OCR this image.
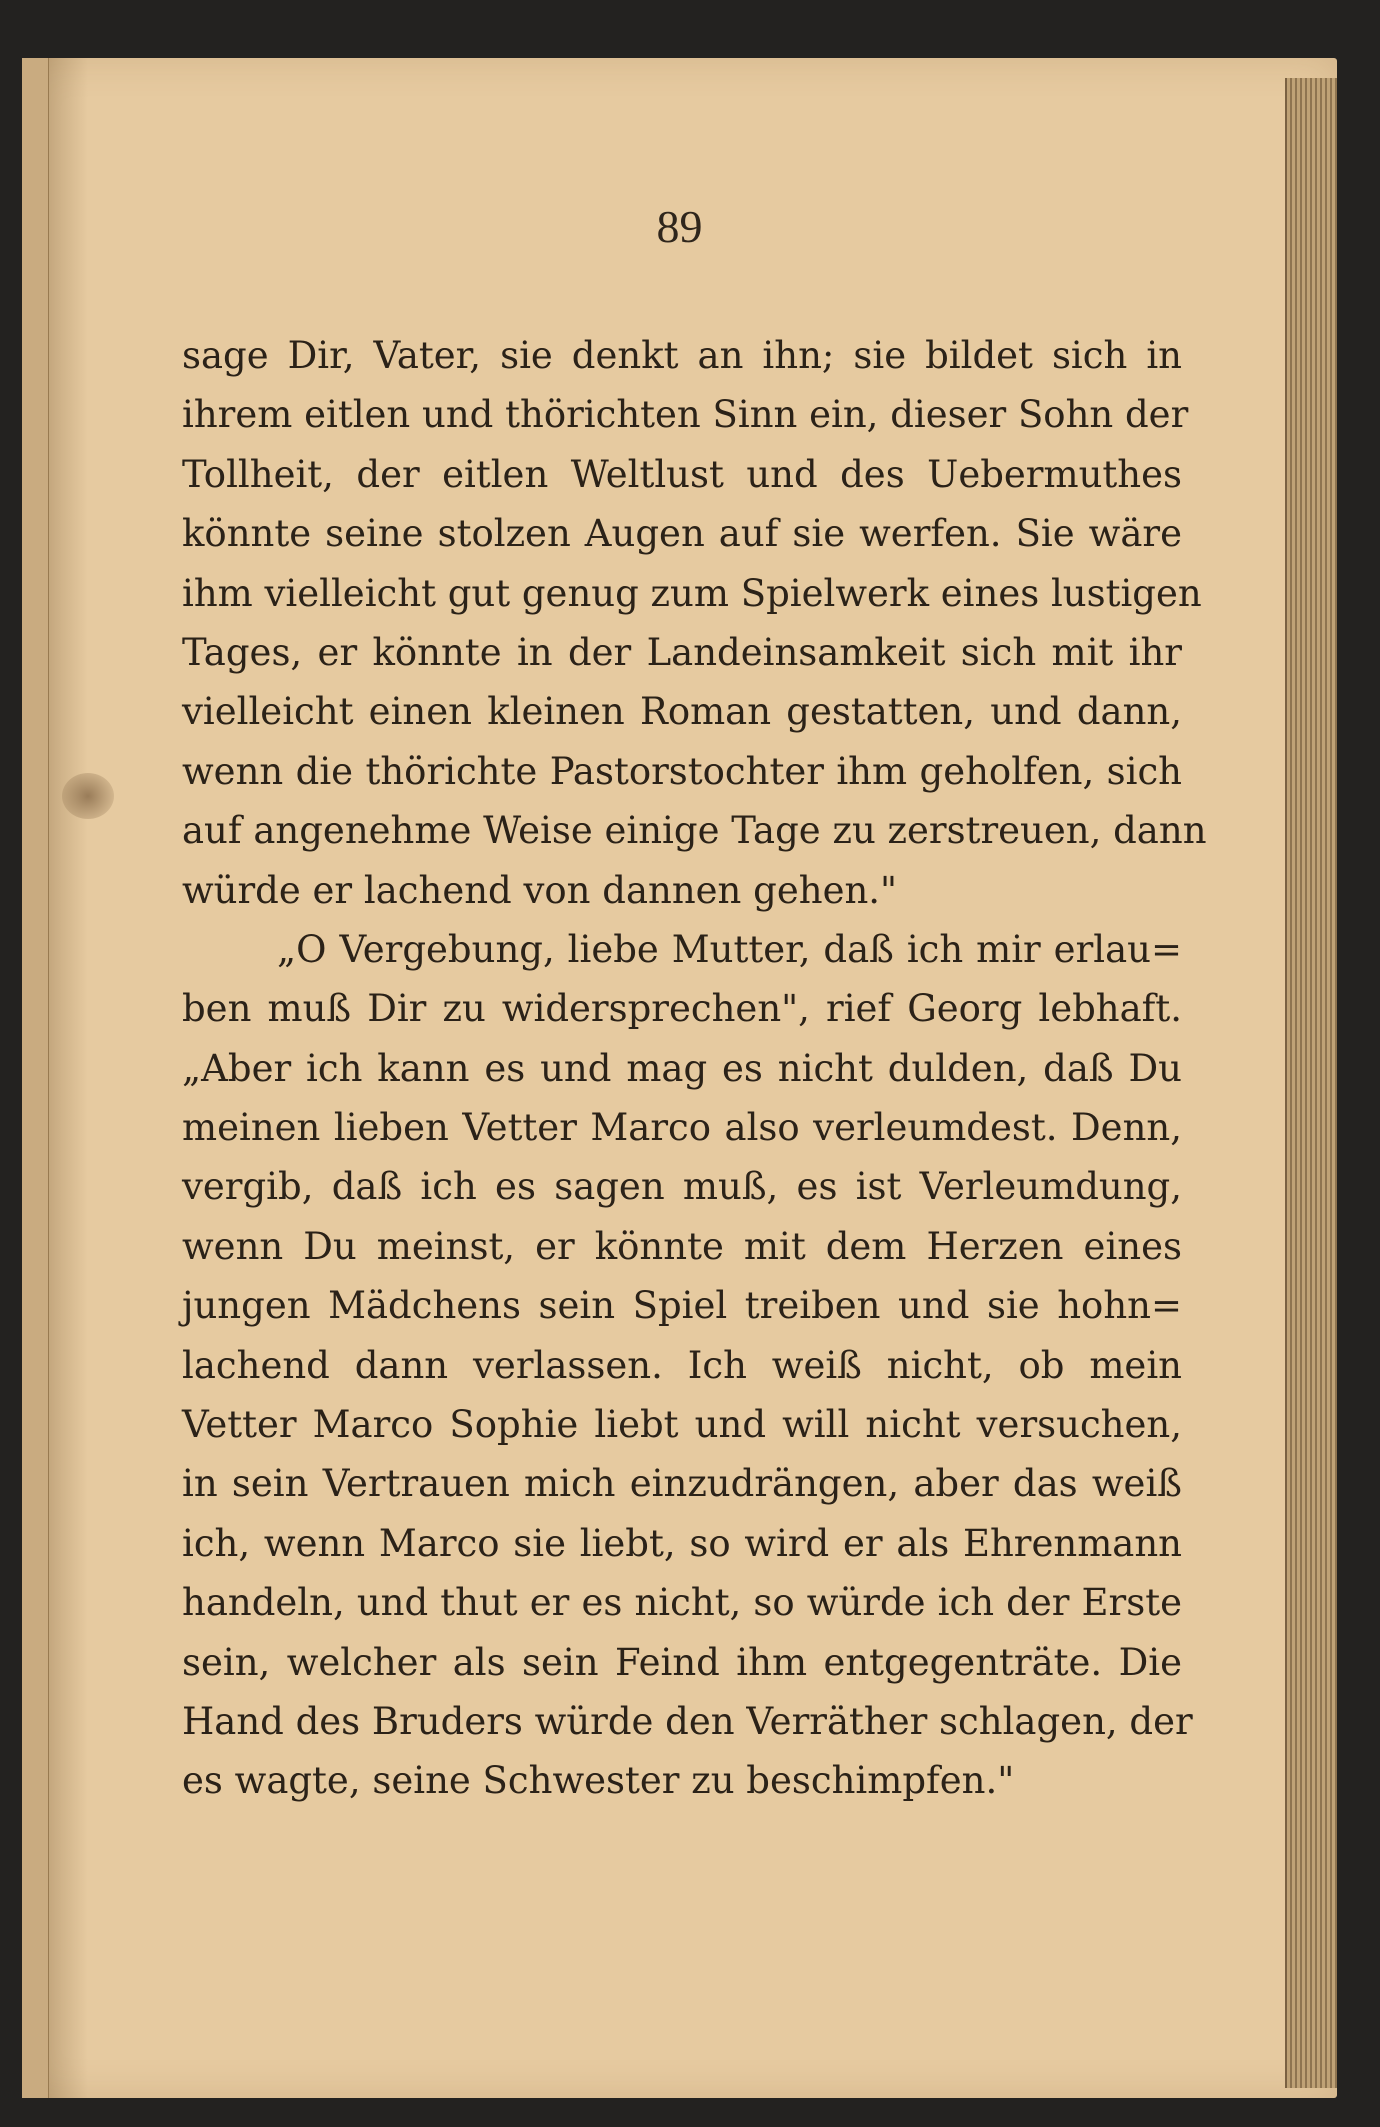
89
sage Dir, Vater, sie denkt an ihn; sie bildet sich in
ihrem eitlen und thörichten Sinn ein, dieser Sohn der
Tollheit, der eitlen Weltlust und des Uebermuthes
könnte seine stolzen Augen auf sie werfen. Sie wäre
ihm vielleicht gut genug zum Spielwerk eines lustigen
Tages, er könnte in der Landeinsamkeit sich mit ihr
vielleicht einen kleinen Roman gestatten, und dann,
wenn die thörichte Pastorstochter ihm geholfen, sich
auf angenehme Weise einige Tage zu zerstreuen, dann
würde er lachend von dannen gehen."
„O Vergebung, liebe Mutter, daß ich mir erlau=
ben muß Dir zu widersprechen", rief Georg lebhaft.
„Aber ich kann es und mag es nicht dulden, daß Du
meinen lieben Vetter Marco also verleumdest. Denn,
vergib, daß ich es sagen muß, es ist Verleumdung,
wenn Du meinst, er könnte mit dem Herzen eines
jungen Mädchens sein Spiel treiben und sie hohn=
lachend dann verlassen. Ich weiß nicht, ob mein
Vetter Marco Sophie liebt und will nicht versuchen,
in sein Vertrauen mich einzudrängen, aber das weiß
ich, wenn Marco sie liebt, so wird er als Ehrenmann
handeln, und thut er es nicht, so würde ich der Erste
sein, welcher als sein Feind ihm entgegenträte. Die
Hand des Bruders würde den Verräther schlagen, der
es wagte, seine Schwester zu beschimpfen."
